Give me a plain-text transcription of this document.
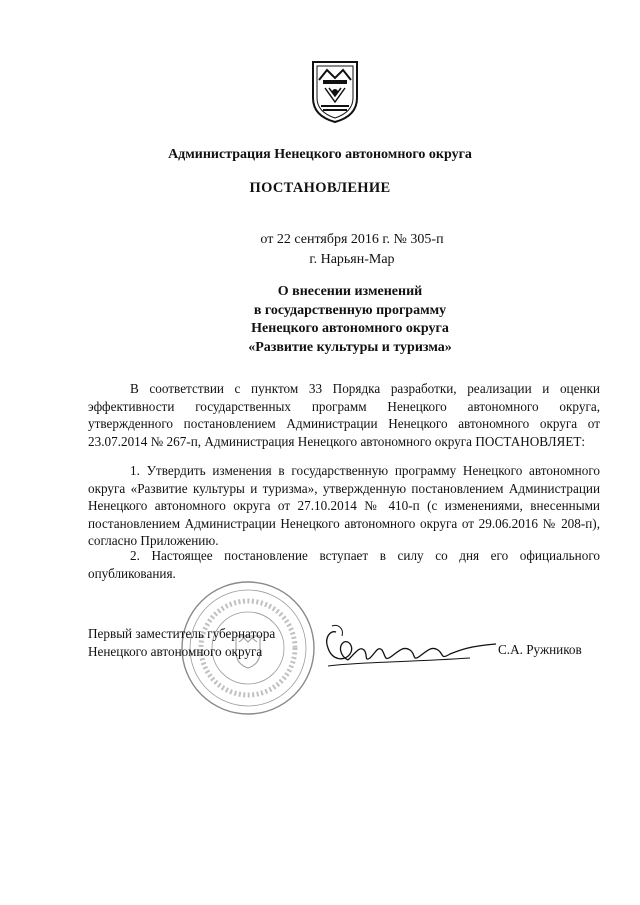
Администрация Ненецкого автономного округа
ПОСТАНОВЛЕНИЕ
от 22 сентября 2016 г. № 305-п
г. Нарьян-Мар
О внесении изменений
в государственную программу
Ненецкого автономного округа
«Развитие культуры и туризма»

В соответствии с пунктом 33 Порядка разработки, реализации и оценки эффективности государственных программ Ненецкого автономного округа, утвержденного постановлением Администрации Ненецкого автономного округа от 23.07.2014 № 267-п, Администрация Ненецкого автономного округа ПОСТАНОВЛЯЕТ:

1. Утвердить изменения в государственную программу Ненецкого автономного округа «Развитие культуры и туризма», утвержденную постановлением Администрации Ненецкого автономного округа от 27.10.2014 № 410-п (с изменениями, внесенными постановлением Администрации Ненецкого автономного округа от 29.06.2016 № 208-п), согласно Приложению.

2. Настоящее постановление вступает в силу со дня его официального опубликования.

Первый заместитель губернатора
Ненецкого автономного округа	С.А. Ружников
